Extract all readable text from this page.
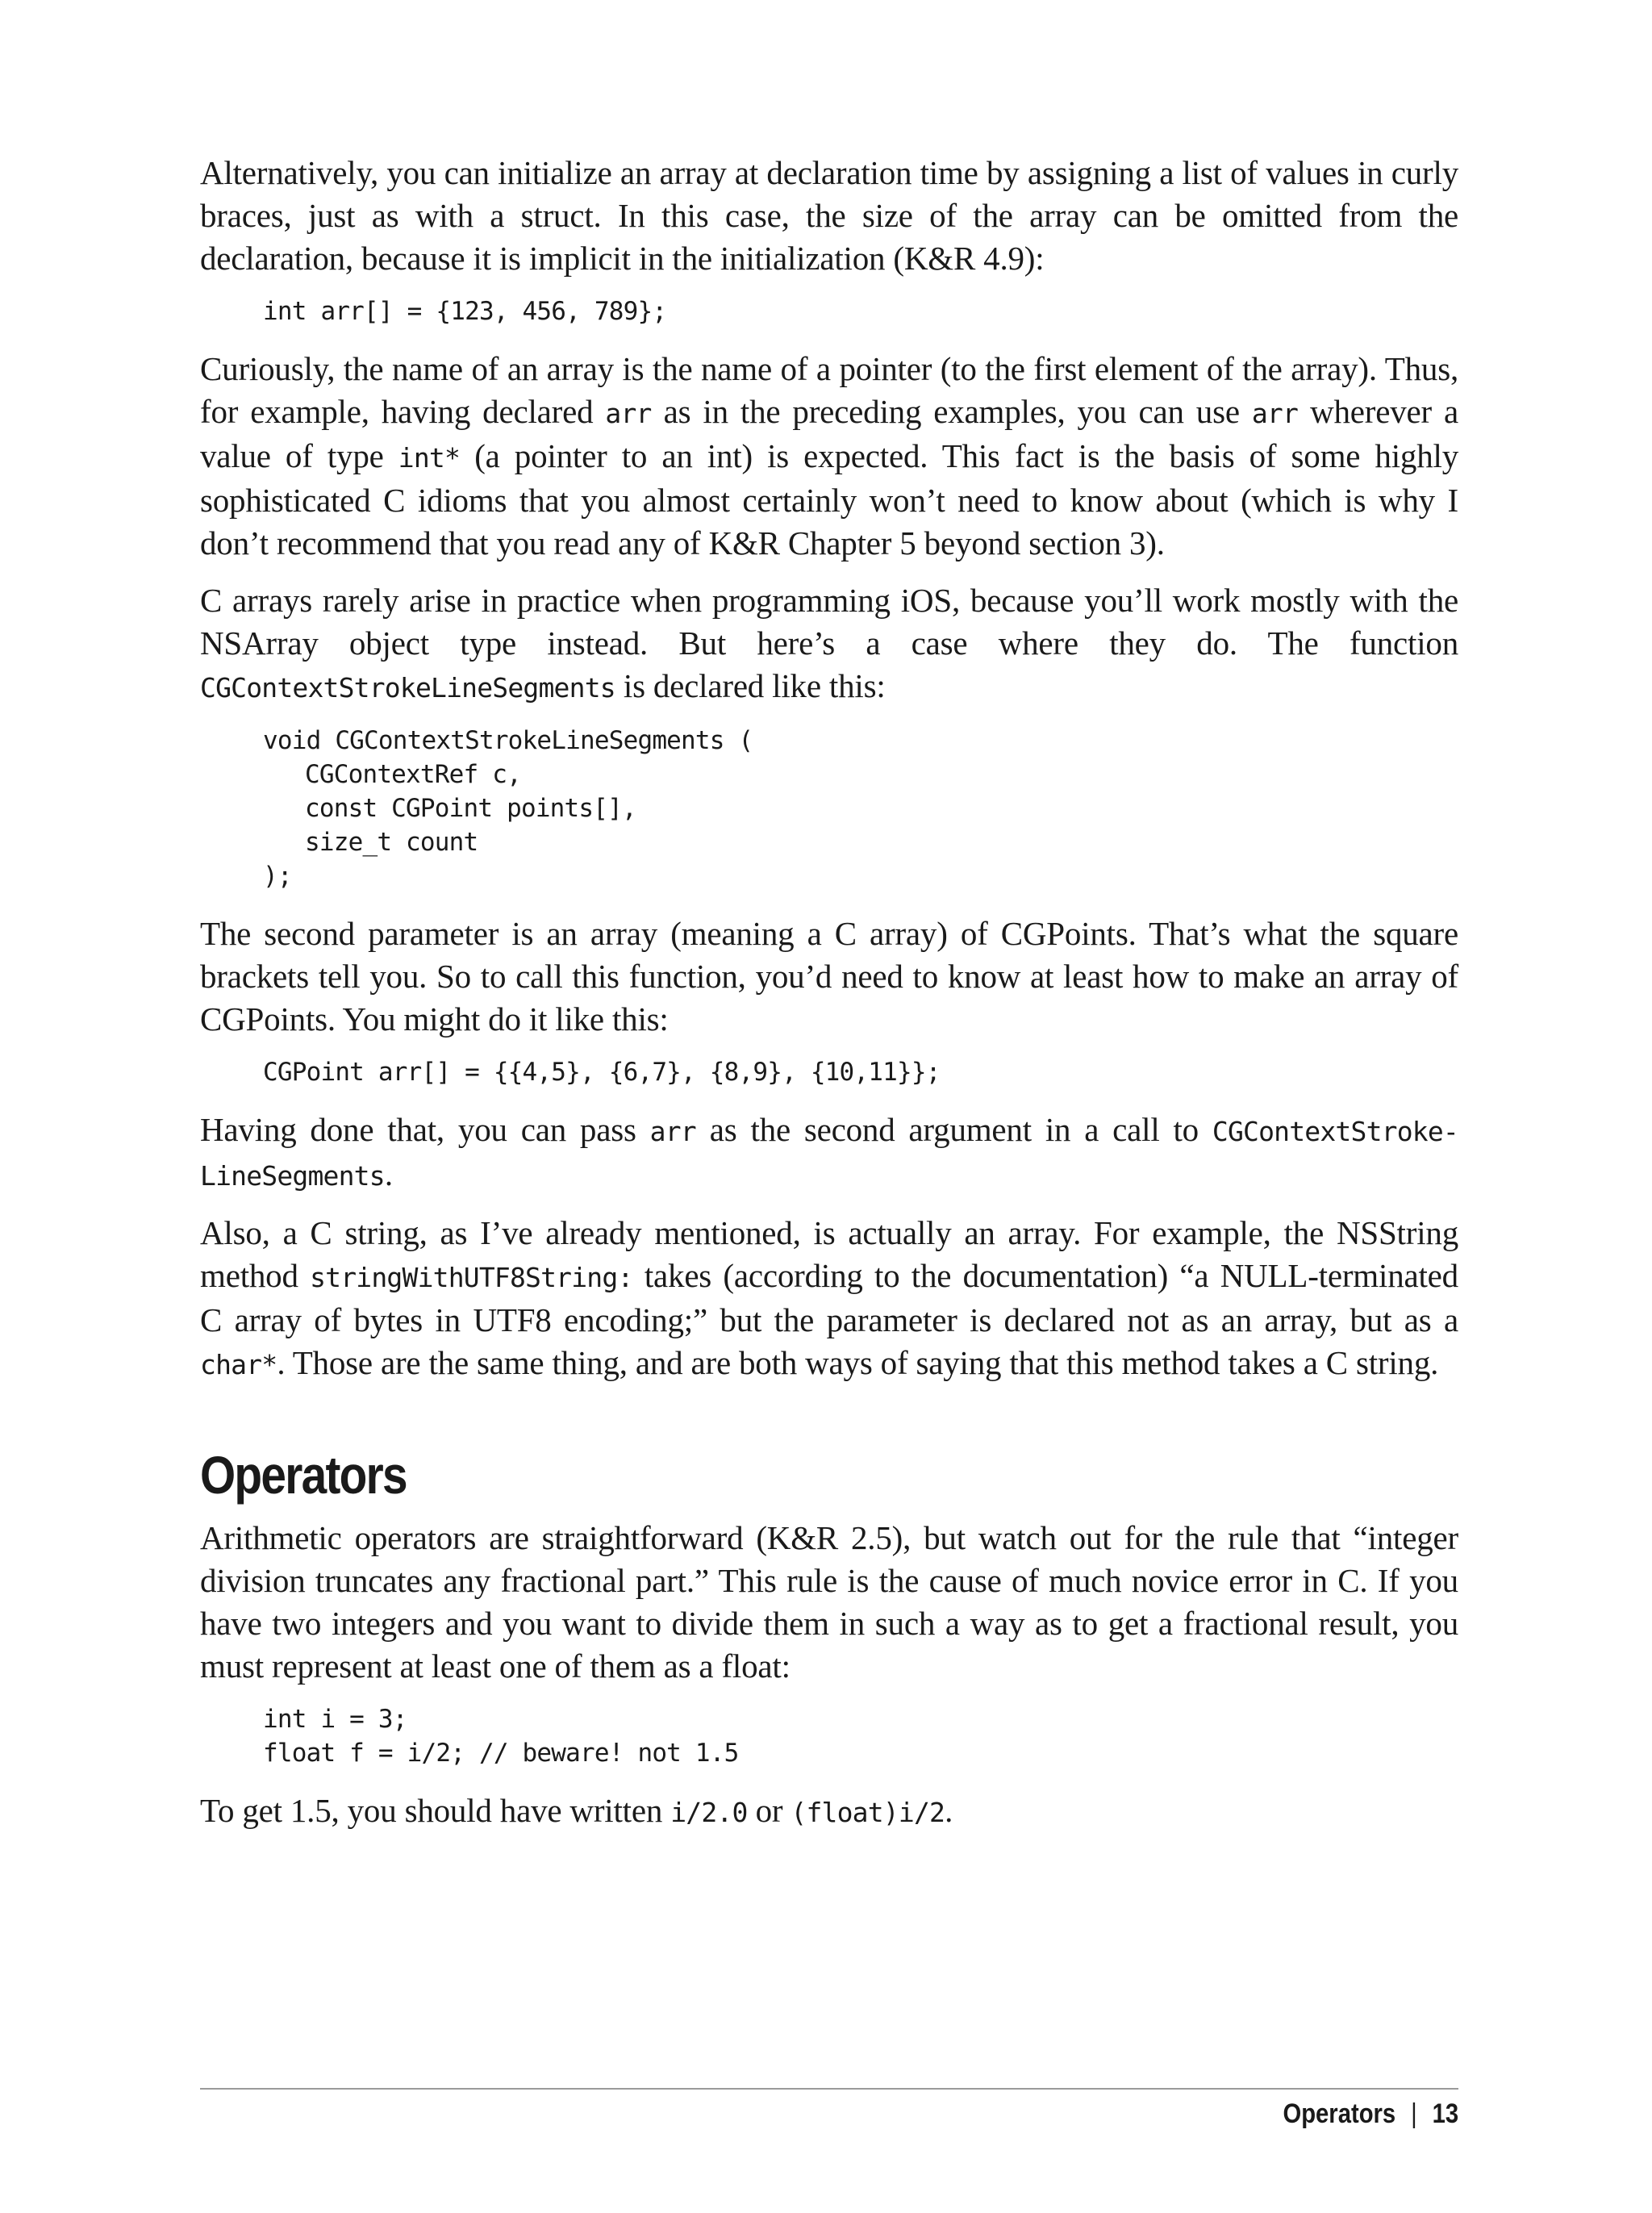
Alternatively, you can initialize an array at declaration time by assigning a list of values in curly braces, just as with a struct. In this case, the size of the array can be omitted from the declaration, because it is implicit in the initialization (K&R 4.9):

int arr[] = {123, 456, 789};

Curiously, the name of an array is the name of a pointer (to the first element of the array). Thus, for example, having declared arr as in the preceding examples, you can use arr wherever a value of type int* (a pointer to an int) is expected. This fact is the basis of some highly sophisticated C idioms that you almost certainly won’t need to know about (which is why I don’t recommend that you read any of K&R Chapter 5 beyond section 3).

C arrays rarely arise in practice when programming iOS, because you’ll work mostly with the NSArray object type instead. But here’s a case where they do. The function CGContextStrokeLineSegments is declared like this:

void CGContextStrokeLineSegments (
CGContextRef c,
const CGPoint points[],
size_t count
);

The second parameter is an array (meaning a C array) of CGPoints. That’s what the square brackets tell you. So to call this function, you’d need to know at least how to make an array of CGPoints. You might do it like this:

CGPoint arr[] = {{4,5}, {6,7}, {8,9}, {10,11}};

Having done that, you can pass arr as the second argument in a call to CGContextStroke-LineSegments.

Also, a C string, as I’ve already mentioned, is actually an array. For example, the NSString method stringWithUTF8String: takes (according to the documentation) “a NULL-terminated C array of bytes in UTF8 encoding;” but the parameter is declared not as an array, but as a char*. Those are the same thing, and are both ways of saying that this method takes a C string.

Operators

Arithmetic operators are straightforward (K&R 2.5), but watch out for the rule that “integer division truncates any fractional part.” This rule is the cause of much novice error in C. If you have two integers and you want to divide them in such a way as to get a fractional result, you must represent at least one of them as a float:

int i = 3;
float f = i/2; // beware! not 1.5

To get 1.5, you should have written i/2.0 or (float)i/2.

Operators | 13
